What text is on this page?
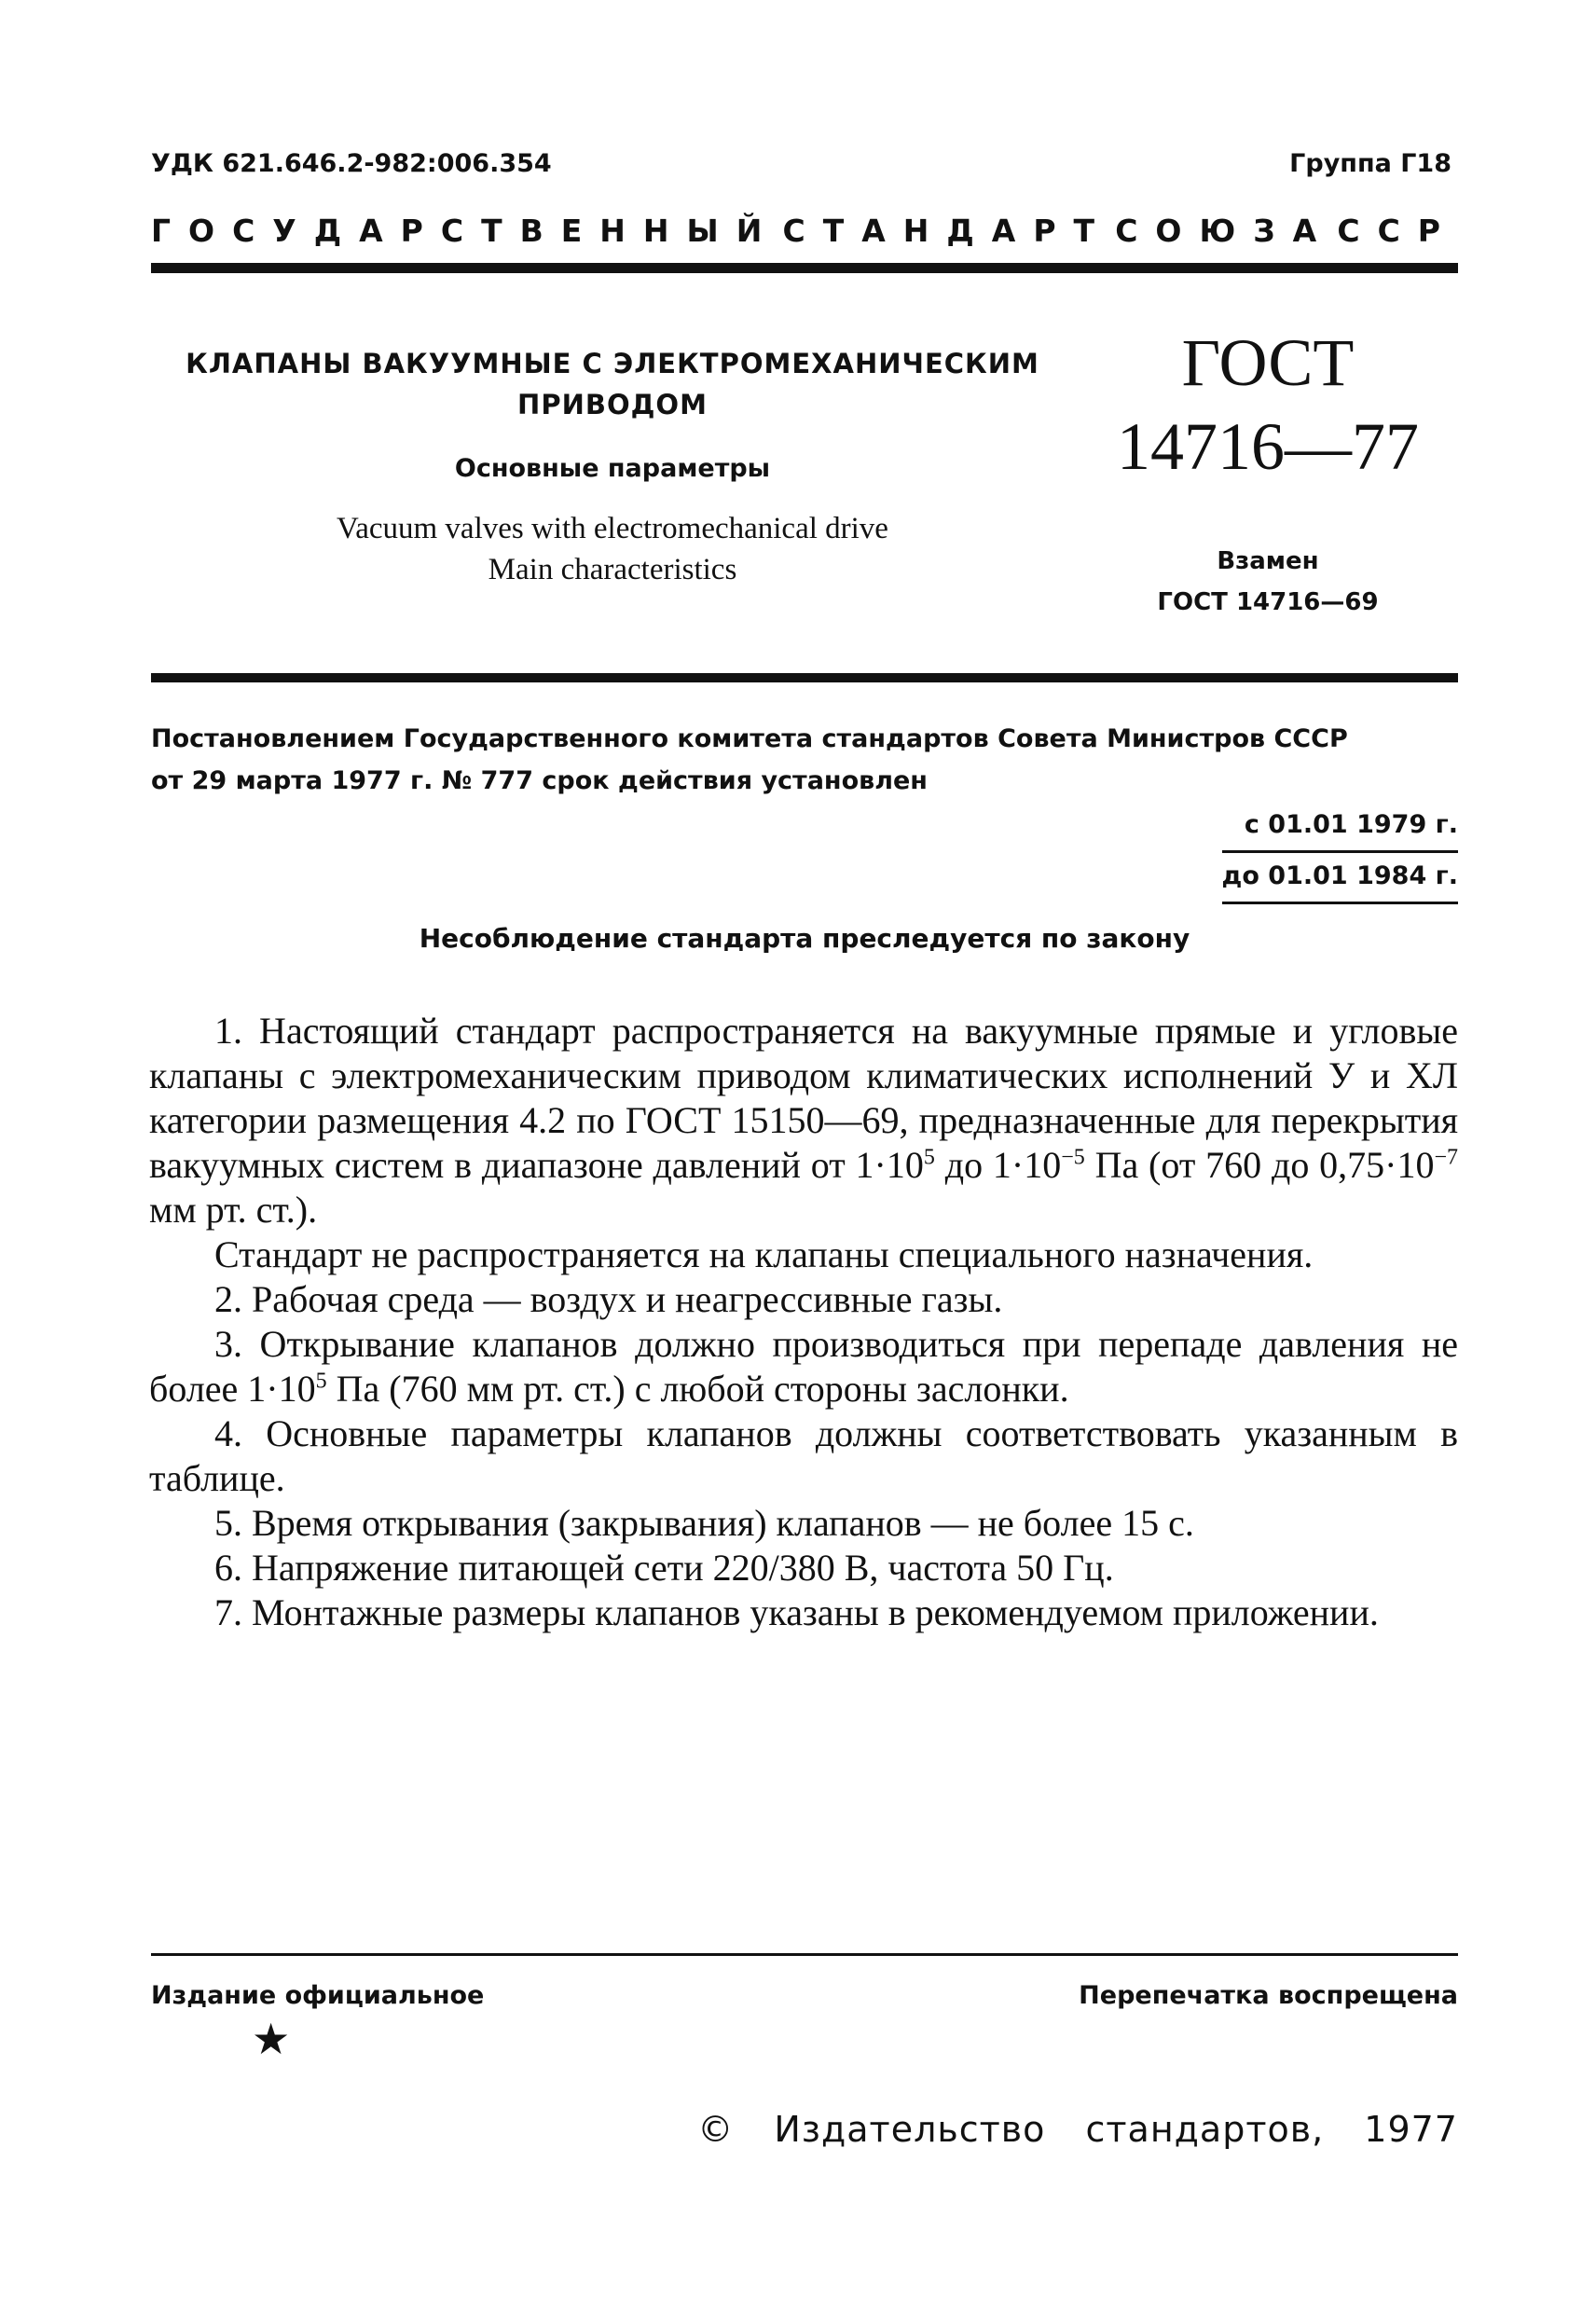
УДК 621.646.2-982:006.354	Группа Г18
ГОСУДАРСТВЕННЫЙ СТАНДАРТ СОЮЗА ССР
КЛАПАНЫ ВАКУУМНЫЕ С ЭЛЕКТРОМЕХАНИЧЕСКИМ
ПРИВОДОМ
Основные параметры
Vacuum valves with electromechanical drive
Main characteristics
ГОСТ
14716—77
Взамен
ГОСТ 14716—69
Постановлением Государственного комитета стандартов Совета Министров СССР
от 29 марта 1977 г. № 777 срок действия установлен
с 01.01 1979 г.
до 01.01 1984 г.
Несоблюдение стандарта преследуется по закону

1. Настоящий стандарт распространяется на вакуумные прямые и угловые клапаны с электромеханическим приводом климатических исполнений У и ХЛ категории размещения 4.2 по ГОСТ 15150—69, предназначенные для перекрытия вакуумных систем в диапазоне давлений от $1\cdot 10^5$ до $1\cdot 10^{-5}$ Па (от 760 до $0,75\cdot 10^{-7}$ мм рт. ст.).

Стандарт не распространяется на клапаны специального назначения.

2. Рабочая среда — воздух и неагрессивные газы.

3. Открывание клапанов должно производиться при перепаде давления не более $1\cdot 10^5$ Па (760 мм рт. ст.) с любой стороны заслонки.

4. Основные параметры клапанов должны соответствовать указанным в таблице.

5. Время открывания (закрывания) клапанов — не более 15 с.

6. Напряжение питающей сети 220/380 В, частота 50 Гц.

7. Монтажные размеры клапанов указаны в рекомендуемом приложении.

Издание официальное	Перепечатка воспрещена
★
© Издательство стандартов, 1977
